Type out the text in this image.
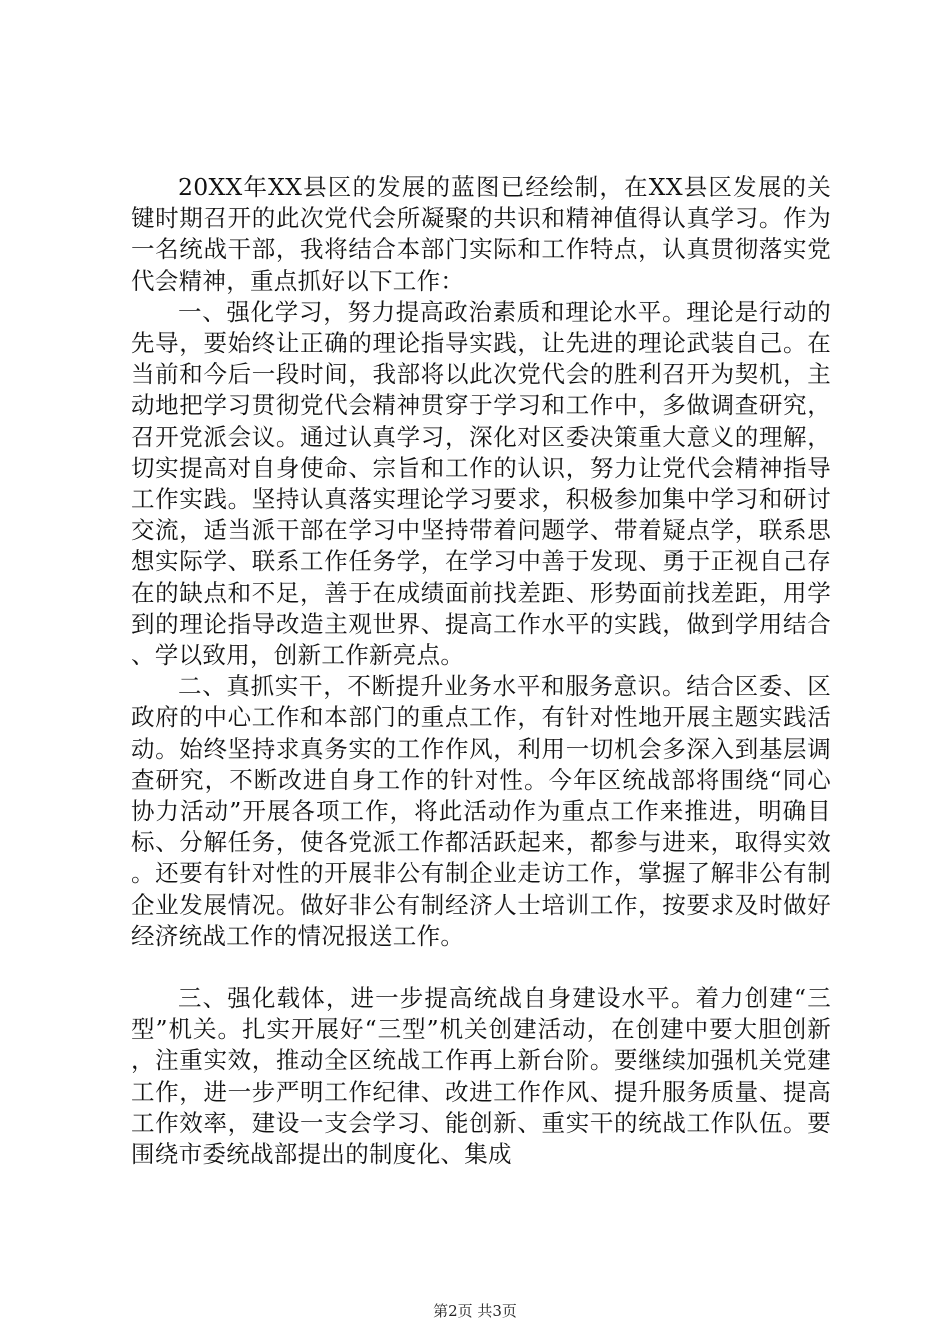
20XX年XX县区的发展的蓝图已经绘制，在XX县区发展的关键时期召开的此次党代会所凝聚的共识和精神值得认真学习。作为一名统战干部，我将结合本部门实际和工作特点，认真贯彻落实党代会精神，重点抓好以下工作：

一、强化学习，努力提高政治素质和理论水平。理论是行动的先导，要始终让正确的理论指导实践，让先进的理论武装自己。在当前和今后一段时间，我部将以此次党代会的胜利召开为契机，主动地把学习贯彻党代会精神贯穿于学习和工作中，多做调查研究，召开党派会议。通过认真学习，深化对区委决策重大意义的理解，切实提高对自身使命、宗旨和工作的认识，努力让党代会精神指导工作实践。坚持认真落实理论学习要求，积极参加集中学习和研讨交流，适当派干部在学习中坚持带着问题学、带着疑点学，联系思想实际学、联系工作任务学，在学习中善于发现、勇于正视自己存在的缺点和不足，善于在成绩面前找差距、形势面前找差距，用学到的理论指导改造主观世界、提高工作水平的实践，做到学用结合、学以致用，创新工作新亮点。

二、真抓实干，不断提升业务水平和服务意识。结合区委、区政府的中心工作和本部门的重点工作，有针对性地开展主题实践活动。始终坚持求真务实的工作作风，利用一切机会多深入到基层调查研究，不断改进自身工作的针对性。今年区统战部将围绕“同心协力活动”开展各项工作，将此活动作为重点工作来推进，明确目标、分解任务，使各党派工作都活跃起来，都参与进来，取得实效。还要有针对性的开展非公有制企业走访工作，掌握了解非公有制企业发展情况。做好非公有制经济人士培训工作，按要求及时做好经济统战工作的情况报送工作。

三、强化载体，进一步提高统战自身建设水平。着力创建“三型”机关。扎实开展好“三型”机关创建活动，在创建中要大胆创新，注重实效，推动全区统战工作再上新台阶。要继续加强机关党建工作，进一步严明工作纪律、改进工作作风、提升服务质量、提高工作效率，建设一支会学习、能创新、重实干的统战工作队伍。要围绕市委统战部提出的制度化、集成

第2页 共3页
